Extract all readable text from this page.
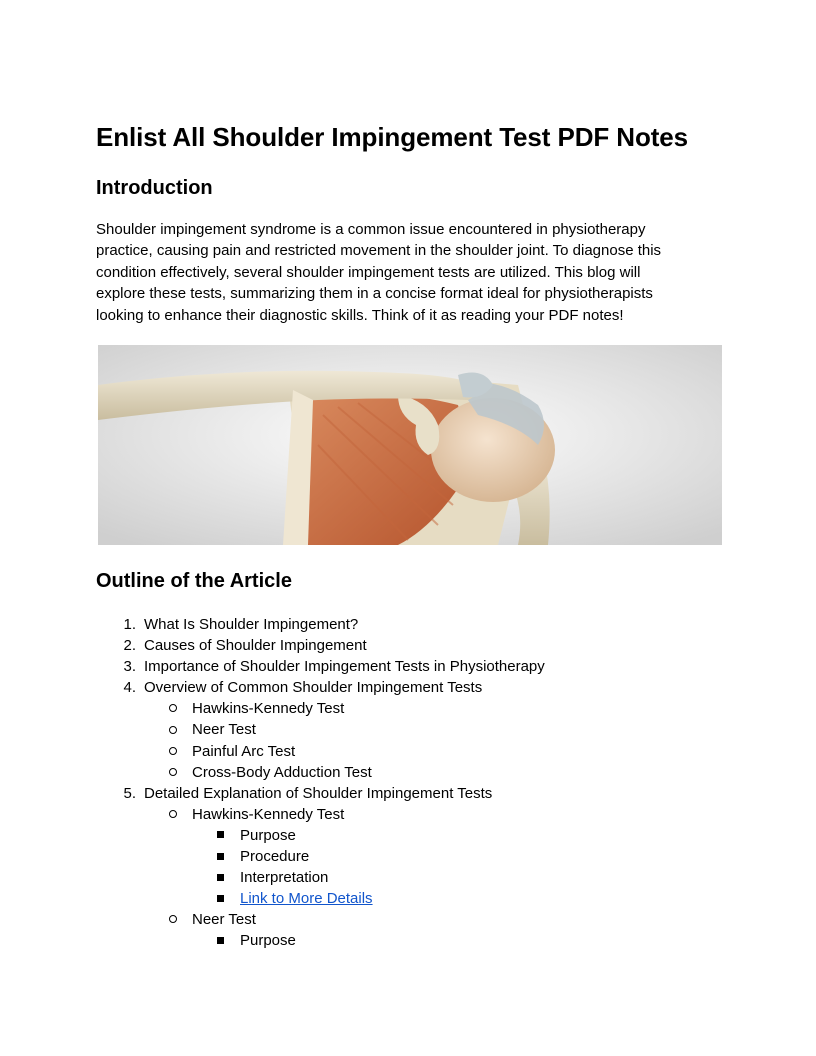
Enlist All Shoulder Impingement Test PDF Notes
Introduction

Shoulder impingement syndrome is a common issue encountered in physiotherapy
practice, causing pain and restricted movement in the shoulder joint. To diagnose this
condition effectively, several shoulder impingement tests are utilized. This blog will
explore these tests, summarizing them in a concise format ideal for physiotherapists
looking to enhance their diagnostic skills. Think of it as reading your PDF notes!

Outline of the Article
1. What Is Shoulder Impingement?
2. Causes of Shoulder Impingement
3. Importance of Shoulder Impingement Tests in Physiotherapy
4. Overview of Common Shoulder Impingement Tests
Hawkins-Kennedy Test
Neer Test
Painful Arc Test
Cross-Body Adduction Test
5. Detailed Explanation of Shoulder Impingement Tests
Hawkins-Kennedy Test
Purpose
Procedure
Interpretation
Link to More Details
Neer Test
Purpose
